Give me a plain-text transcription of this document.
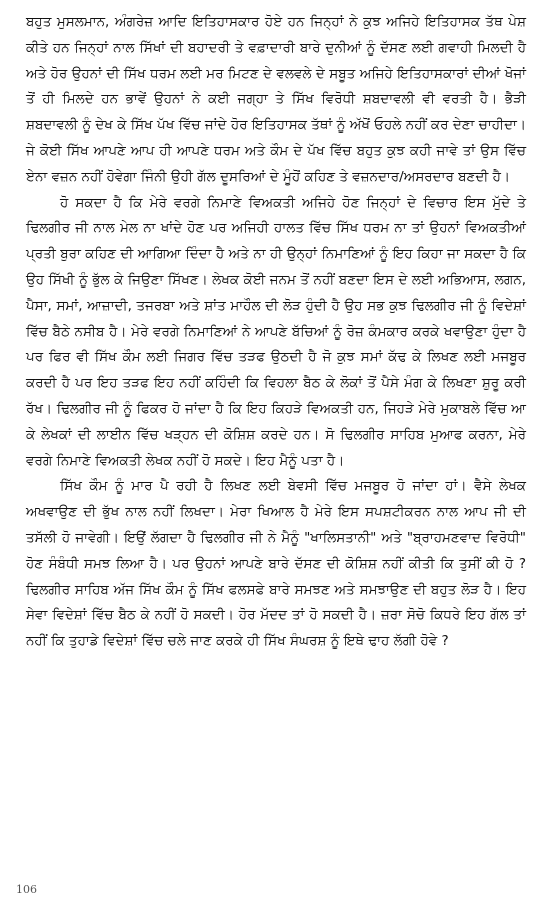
ਬਹੁਤ ਮੁਸਲਮਾਨ, ਅੰਗਰੇਜ਼ ਆਦਿ ਇਤਿਹਾਸਕਾਰ ਹੋਏ ਹਨ ਜਿਨ੍ਹਾਂ ਨੇ ਕੁਝ ਅਜਿਹੇ ਇਤਿਹਾਸਕ ਤੱਥ ਪੇਸ਼ ਕੀਤੇ ਹਨ ਜਿਨ੍ਹਾਂ ਨਾਲ ਸਿੱਖਾਂ ਦੀ ਬਹਾਦਰੀ ਤੇ ਵਫ਼ਾਦਾਰੀ ਬਾਰੇ ਦੁਨੀਆਂ ਨੂੰ ਦੱਸਣ ਲਈ ਗਵਾਹੀ ਮਿਲਦੀ ਹੈ ਅਤੇ ਹੋਰ ਉਹਨਾਂ ਦੀ ਸਿੱਖ ਧਰਮ ਲਈ ਮਰ ਮਿਟਣ ਦੇ ਵਲਵਲੇ ਦੇ ਸਬੂਤ ਅਜਿਹੇ ਇਤਿਹਾਸਕਾਰਾਂ ਦੀਆਂ ਖੋਜਾਂ ਤੋਂ ਹੀ ਮਿਲਦੇ ਹਨ ਭਾਵੇਂ ਉਹਨਾਂ ਨੇ ਕਈ ਜਗ੍ਹਾ ਤੇ ਸਿੱਖ ਵਿਰੋਧੀ ਸ਼ਬਦਾਵਲੀ ਵੀ ਵਰਤੀ ਹੈ। ਭੈੜੀ ਸ਼ਬਦਾਵਲੀ ਨੂੰ ਦੇਖ ਕੇ ਸਿੱਖ ਪੱਖ ਵਿੱਚ ਜਾਂਦੇ ਹੋਰ ਇਤਿਹਾਸਕ ਤੱਥਾਂ ਨੂੰ ਅੱਖੋਂ ਓਹਲੇ ਨਹੀਂ ਕਰ ਦੇਣਾ ਚਾਹੀਦਾ। ਜੇ ਕੋਈ ਸਿੱਖ ਆਪਣੇ ਆਪ ਹੀ ਆਪਣੇ ਧਰਮ ਅਤੇ ਕੌਮ ਦੇ ਪੱਖ ਵਿੱਚ ਬਹੁਤ ਕੁਝ ਕਹੀ ਜਾਵੇ ਤਾਂ ਉਸ ਵਿੱਚ ਏਨਾ ਵਜ਼ਨ ਨਹੀਂ ਹੋਵੇਗਾ ਜਿੰਨੀ ਉਹੀ ਗੱਲ ਦੂਸਰਿਆਂ ਦੇ ਮੂੰਹੋਂ ਕਹਿਣ ਤੇ ਵਜ਼ਨਦਾਰ/ਅਸਰਦਾਰ ਬਣਦੀ ਹੈ।

ਹੋ ਸਕਦਾ ਹੈ ਕਿ ਮੇਰੇ ਵਰਗੇ ਨਿਮਾਣੇ ਵਿਅਕਤੀ ਅਜਿਹੇ ਹੋਣ ਜਿਨ੍ਹਾਂ ਦੇ ਵਿਚਾਰ ਇਸ ਮੁੱਦੇ ਤੇ ਢਿਲਗੀਰ ਜੀ ਨਾਲ ਮੇਲ ਨਾ ਖਾਂਦੇ ਹੋਣ ਪਰ ਅਜਿਹੀ ਹਾਲਤ ਵਿੱਚ ਸਿੱਖ ਧਰਮ ਨਾ ਤਾਂ ਉਹਨਾਂ ਵਿਅਕਤੀਆਂ ਪ੍ਰਤੀ ਬੁਰਾ ਕਹਿਣ ਦੀ ਆਗਿਆ ਦਿੰਦਾ ਹੈ ਅਤੇ ਨਾ ਹੀ ਉਨ੍ਹਾਂ ਨਿਮਾਣਿਆਂ ਨੂੰ ਇਹ ਕਿਹਾ ਜਾ ਸਕਦਾ ਹੈ ਕਿ ਉਹ ਸਿੱਖੀ ਨੂੰ ਭੁੱਲ ਕੇ ਜਿਉਣਾ ਸਿੱਖਣ। ਲੇਖਕ ਕੋਈ ਜਨਮ ਤੋਂ ਨਹੀਂ ਬਣਦਾ ਇਸ ਦੇ ਲਈ ਅਭਿਆਸ, ਲਗਨ, ਪੈਸਾ, ਸਮਾਂ, ਆਜ਼ਾਦੀ, ਤਜਰਬਾ ਅਤੇ ਸ਼ਾਂਤ ਮਾਹੌਲ ਦੀ ਲੋੜ ਹੁੰਦੀ ਹੈ ਉਹ ਸਭ ਕੁਝ ਢਿਲਗੀਰ ਜੀ ਨੂੰ ਵਿਦੇਸ਼ਾਂ ਵਿੱਚ ਬੈਠੇ ਨਸੀਬ ਹੈ। ਮੇਰੇ ਵਰਗੇ ਨਿਮਾਣਿਆਂ ਨੇ ਆਪਣੇ ਬੱਚਿਆਂ ਨੂੰ ਰੋਜ਼ ਕੰਮਕਾਰ ਕਰਕੇ ਖਵਾਉਣਾ ਹੁੰਦਾ ਹੈ ਪਰ ਫਿਰ ਵੀ ਸਿੱਖ ਕੌਮ ਲਈ ਜਿਗਰ ਵਿੱਚ ਤੜਫ ਉਠਦੀ ਹੈ ਜੋ ਕੁਝ ਸਮਾਂ ਕੱਢ ਕੇ ਲਿਖਣ ਲਈ ਮਜਬੂਰ ਕਰਦੀ ਹੈ ਪਰ ਇਹ ਤੜਫ ਇਹ ਨਹੀਂ ਕਹਿੰਦੀ ਕਿ ਵਿਹਲਾ ਬੈਠ ਕੇ ਲੋਕਾਂ ਤੋਂ ਪੈਸੇ ਮੰਗ ਕੇ ਲਿਖਣਾ ਸ਼ੁਰੂ ਕਰੀ ਰੱਖ। ਢਿਲਗੀਰ ਜੀ ਨੂੰ ਫਿਕਰ ਹੋ ਜਾਂਦਾ ਹੈ ਕਿ ਇਹ ਕਿਹੜੇ ਵਿਅਕਤੀ ਹਨ, ਜਿਹੜੇ ਮੇਰੇ ਮੁਕਾਬਲੇ ਵਿੱਚ ਆ ਕੇ ਲੇਖਕਾਂ ਦੀ ਲਾਈਨ ਵਿੱਚ ਖੜ੍ਹਨ ਦੀ ਕੋਸ਼ਿਸ਼ ਕਰਦੇ ਹਨ। ਸੋ ਢਿਲਗੀਰ ਸਾਹਿਬ ਮੁਆਫ ਕਰਨਾ, ਮੇਰੇ ਵਰਗੇ ਨਿਮਾਣੇ ਵਿਅਕਤੀ ਲੇਖਕ ਨਹੀਂ ਹੋ ਸਕਦੇ। ਇਹ ਮੈਨੂੰ ਪਤਾ ਹੈ।

ਸਿੱਖ ਕੌਮ ਨੂੰ ਮਾਰ ਪੈ ਰਹੀ ਹੈ ਲਿਖਣ ਲਈ ਬੇਵਸੀ ਵਿੱਚ ਮਜਬੂਰ ਹੋ ਜਾਂਦਾ ਹਾਂ। ਵੈਸੇ ਲੇਖਕ ਅਖਵਾਉਣ ਦੀ ਭੁੱਖ ਨਾਲ ਨਹੀਂ ਲਿਖਦਾ। ਮੇਰਾ ਖਿਆਲ ਹੈ ਮੇਰੇ ਇਸ ਸਪਸ਼ਟੀਕਰਨ ਨਾਲ ਆਪ ਜੀ ਦੀ ਤਸੱਲੀ ਹੋ ਜਾਵੇਗੀ। ਇਉਂ ਲੱਗਦਾ ਹੈ ਢਿਲਗੀਰ ਜੀ ਨੇ ਮੈਨੂੰ "ਖਾਲਿਸਤਾਨੀ" ਅਤੇ "ਬ੍ਰਾਹਮਣਵਾਦ ਵਿਰੋਧੀ" ਹੋਣ ਸੰਬੰਧੀ ਸਮਝ ਲਿਆ ਹੈ। ਪਰ ਉਹਨਾਂ ਆਪਣੇ ਬਾਰੇ ਦੱਸਣ ਦੀ ਕੋਸ਼ਿਸ਼ ਨਹੀਂ ਕੀਤੀ ਕਿ ਤੁਸੀਂ ਕੀ ਹੋ ? ਢਿਲਗੀਰ ਸਾਹਿਬ ਅੱਜ ਸਿੱਖ ਕੌਮ ਨੂੰ ਸਿੱਖ ਫਲਸਫੇ ਬਾਰੇ ਸਮਝਣ ਅਤੇ ਸਮਝਾਉਣ ਦੀ ਬਹੁਤ ਲੋੜ ਹੈ। ਇਹ ਸੇਵਾ ਵਿਦੇਸ਼ਾਂ ਵਿੱਚ ਬੈਠ ਕੇ ਨਹੀਂ ਹੋ ਸਕਦੀ। ਹੋਰ ਮੱਦਦ ਤਾਂ ਹੋ ਸਕਦੀ ਹੈ। ਜ਼ਰਾ ਸੋਚੋ ਕਿਧਰੇ ਇਹ ਗੱਲ ਤਾਂ ਨਹੀਂ ਕਿ ਤੁਹਾਡੇ ਵਿਦੇਸ਼ਾਂ ਵਿੱਚ ਚਲੇ ਜਾਣ ਕਰਕੇ ਹੀ ਸਿੱਖ ਸੰਘਰਸ਼ ਨੂੰ ਇਥੇ ਢਾਹ ਲੱਗੀ ਹੋਵੇ ?

106
